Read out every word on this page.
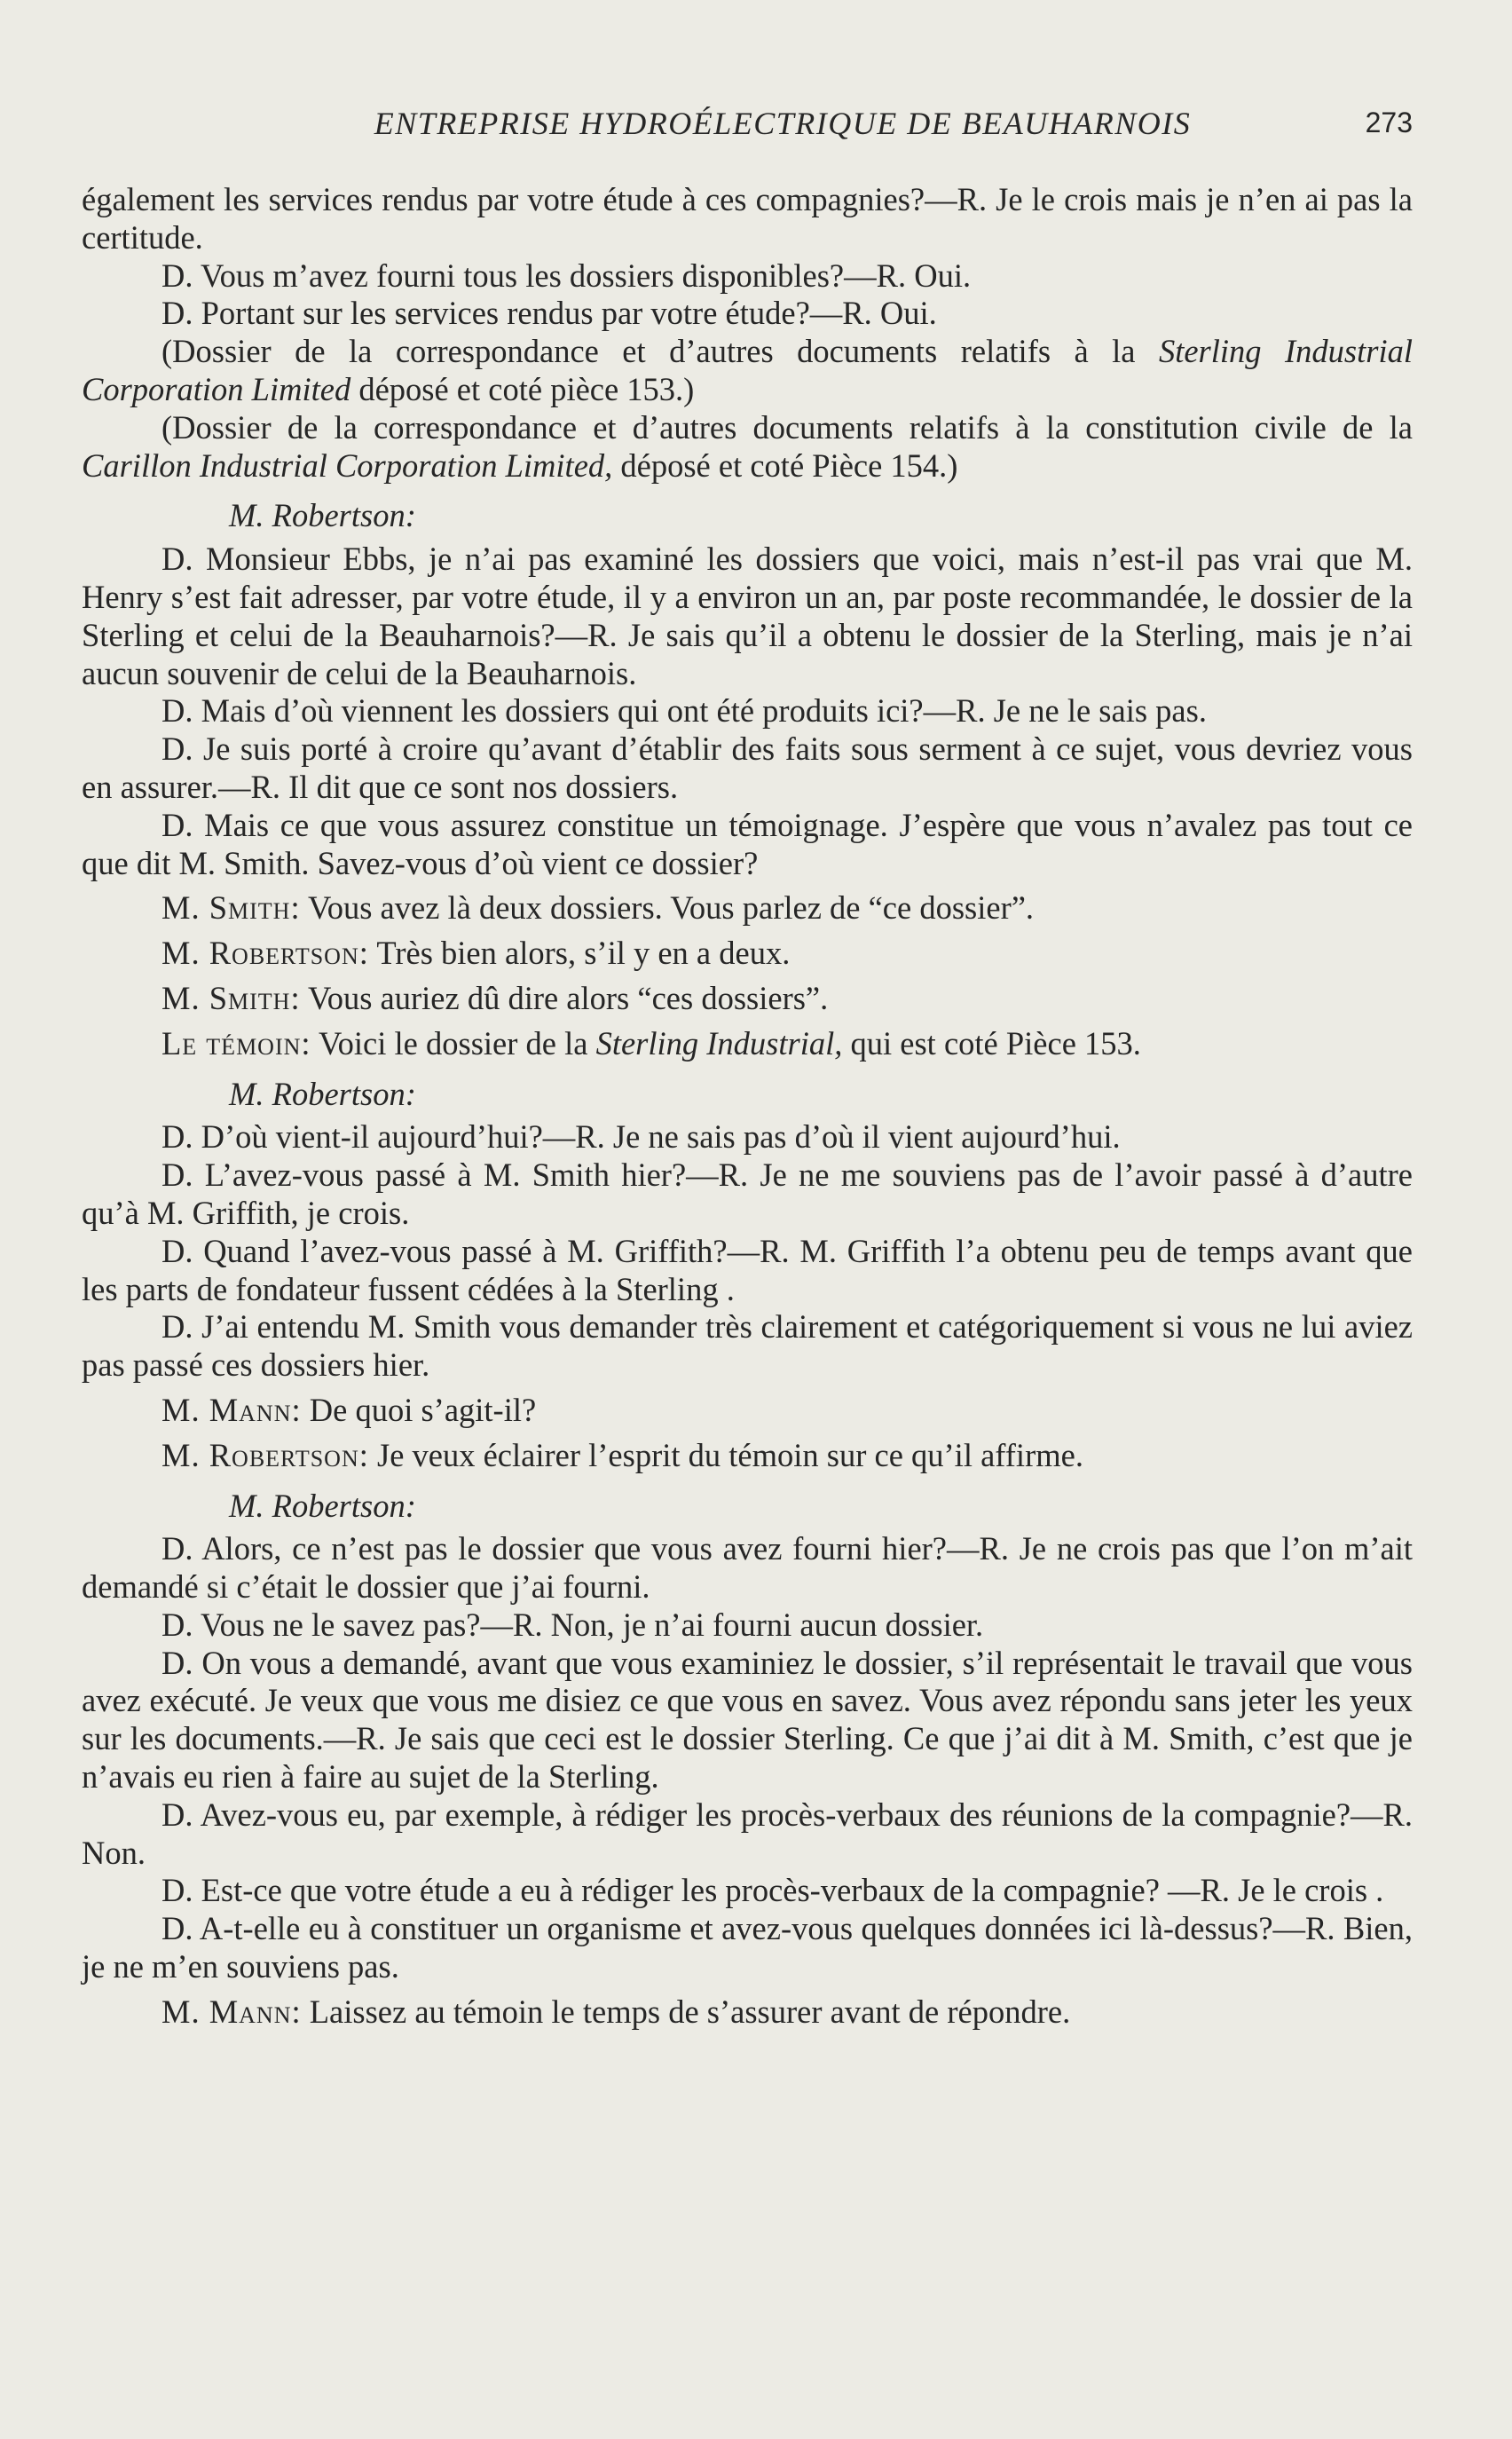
ENTREPRISE HYDROÉLECTRIQUE DE BEAUHARNOIS	273

également les services rendus par votre étude à ces compagnies?—R. Je le crois mais je n’en ai pas la certitude.

D. Vous m’avez fourni tous les dossiers disponibles?—R. Oui.

D. Portant sur les services rendus par votre étude?—R. Oui.

(Dossier de la correspondance et d’autres documents relatifs à la Sterling Industrial Corporation Limited déposé et coté pièce 153.)

(Dossier de la correspondance et d’autres documents relatifs à la constitution civile de la Carillon Industrial Corporation Limited, déposé et coté Pièce 154.)

M. Robertson:

D. Monsieur Ebbs, je n’ai pas examiné les dossiers que voici, mais n’est-il pas vrai que M. Henry s’est fait adresser, par votre étude, il y a environ un an, par poste recommandée, le dossier de la Sterling et celui de la Beauharnois?—R. Je sais qu’il a obtenu le dossier de la Sterling, mais je n’ai aucun souvenir de celui de la Beauharnois.

D. Mais d’où viennent les dossiers qui ont été produits ici?—R. Je ne le sais pas.

D. Je suis porté à croire qu’avant d’établir des faits sous serment à ce sujet, vous devriez vous en assurer.—R. Il dit que ce sont nos dossiers.

D. Mais ce que vous assurez constitue un témoignage. J’espère que vous n’avalez pas tout ce que dit M. Smith. Savez-vous d’où vient ce dossier?

M. Smith: Vous avez là deux dossiers. Vous parlez de “ce dossier”.

M. Robertson: Très bien alors, s’il y en a deux.

M. Smith: Vous auriez dû dire alors “ces dossiers”.

Le témoin: Voici le dossier de la Sterling Industrial, qui est coté Pièce 153.

M. Robertson:

D. D’où vient-il aujourd’hui?—R. Je ne sais pas d’où il vient aujourd’hui.

D. L’avez-vous passé à M. Smith hier?—R. Je ne me souviens pas de l’avoir passé à d’autre qu’à M. Griffith, je crois.

D. Quand l’avez-vous passé à M. Griffith?—R. M. Griffith l’a obtenu peu de temps avant que les parts de fondateur fussent cédées à la Sterling .

D. J’ai entendu M. Smith vous demander très clairement et catégoriquement si vous ne lui aviez pas passé ces dossiers hier.

M. Mann: De quoi s’agit-il?

M. Robertson: Je veux éclairer l’esprit du témoin sur ce qu’il affirme.

M. Robertson:

D. Alors, ce n’est pas le dossier que vous avez fourni hier?—R. Je ne crois pas que l’on m’ait demandé si c’était le dossier que j’ai fourni.

D. Vous ne le savez pas?—R. Non, je n’ai fourni aucun dossier.

D. On vous a demandé, avant que vous examiniez le dossier, s’il représentait le travail que vous avez exécuté. Je veux que vous me disiez ce que vous en savez. Vous avez répondu sans jeter les yeux sur les documents.—R. Je sais que ceci est le dossier Sterling. Ce que j’ai dit à M. Smith, c’est que je n’avais eu rien à faire au sujet de la Sterling.

D. Avez-vous eu, par exemple, à rédiger les procès-verbaux des réunions de la compagnie?—R. Non.

D. Est-ce que votre étude a eu à rédiger les procès-verbaux de la compagnie? —R. Je le crois .

D. A-t-elle eu à constituer un organisme et avez-vous quelques données ici là-dessus?—R. Bien, je ne m’en souviens pas.

M. Mann: Laissez au témoin le temps de s’assurer avant de répondre.
